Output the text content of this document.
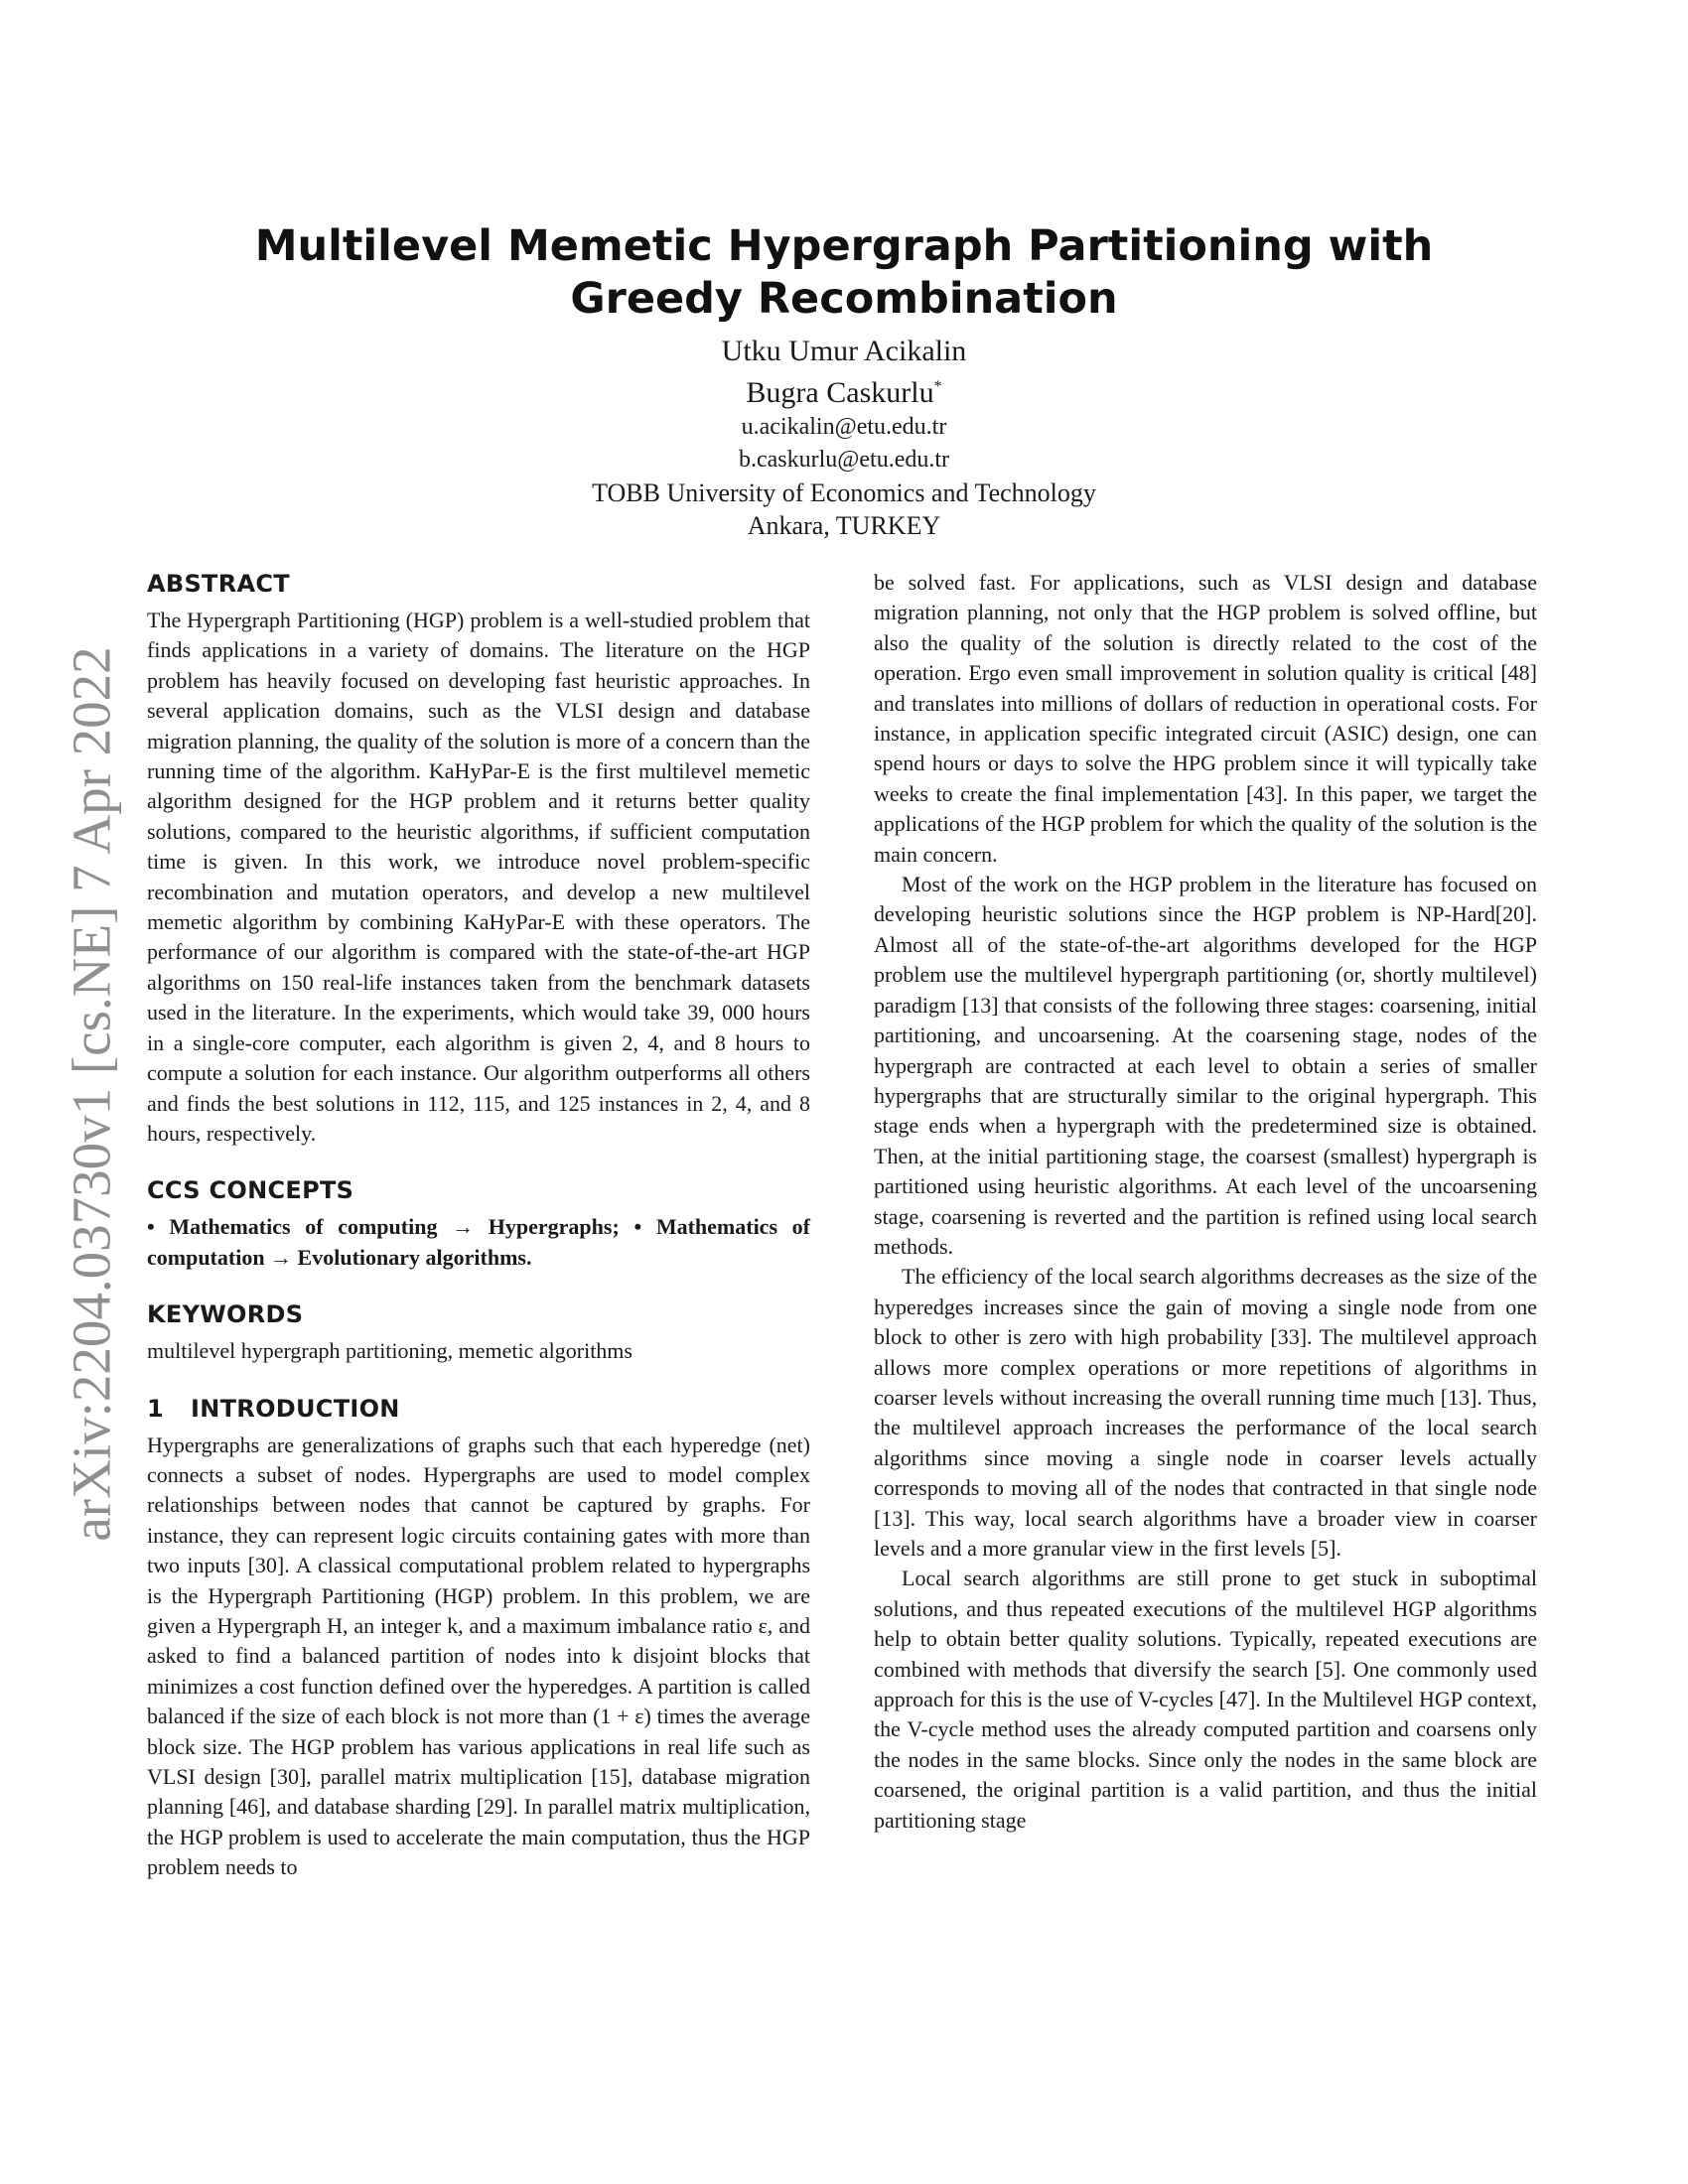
arXiv:2204.03730v1 [cs.NE] 7 Apr 2022
Multilevel Memetic Hypergraph Partitioning with Greedy Recombination
Utku Umur Acikalin
Bugra Caskurlu*
u.acikalin@etu.edu.tr
b.caskurlu@etu.edu.tr
TOBB University of Economics and Technology
Ankara, TURKEY
ABSTRACT

The Hypergraph Partitioning (HGP) problem is a well-studied problem that finds applications in a variety of domains. The literature on the HGP problem has heavily focused on developing fast heuristic approaches. In several application domains, such as the VLSI design and database migration planning, the quality of the solution is more of a concern than the running time of the algorithm. KaHyPar-E is the first multilevel memetic algorithm designed for the HGP problem and it returns better quality solutions, compared to the heuristic algorithms, if sufficient computation time is given. In this work, we introduce novel problem-specific recombination and mutation operators, and develop a new multilevel memetic algorithm by combining KaHyPar-E with these operators. The performance of our algorithm is compared with the state-of-the-art HGP algorithms on 150 real-life instances taken from the benchmark datasets used in the literature. In the experiments, which would take 39, 000 hours in a single-core computer, each algorithm is given 2, 4, and 8 hours to compute a solution for each instance. Our algorithm outperforms all others and finds the best solutions in 112, 115, and 125 instances in 2, 4, and 8 hours, respectively.

CCS CONCEPTS

• Mathematics of computing → Hypergraphs; • Mathematics of computation → Evolutionary algorithms.

KEYWORDS

multilevel hypergraph partitioning, memetic algorithms

1 INTRODUCTION

Hypergraphs are generalizations of graphs such that each hyperedge (net) connects a subset of nodes. Hypergraphs are used to model complex relationships between nodes that cannot be captured by graphs. For instance, they can represent logic circuits containing gates with more than two inputs [30]. A classical computational problem related to hypergraphs is the Hypergraph Partitioning (HGP) problem. In this problem, we are given a Hypergraph H, an integer k, and a maximum imbalance ratio ε, and asked to find a balanced partition of nodes into k disjoint blocks that minimizes a cost function defined over the hyperedges. A partition is called balanced if the size of each block is not more than (1 + ε) times the average block size. The HGP problem has various applications in real life such as VLSI design [30], parallel matrix multiplication [15], database migration planning [46], and database sharding [29]. In parallel matrix multiplication, the HGP problem is used to accelerate the main computation, thus the HGP problem needs to

be solved fast. For applications, such as VLSI design and database migration planning, not only that the HGP problem is solved offline, but also the quality of the solution is directly related to the cost of the operation. Ergo even small improvement in solution quality is critical [48] and translates into millions of dollars of reduction in operational costs. For instance, in application specific integrated circuit (ASIC) design, one can spend hours or days to solve the HPG problem since it will typically take weeks to create the final implementation [43]. In this paper, we target the applications of the HGP problem for which the quality of the solution is the main concern.

Most of the work on the HGP problem in the literature has focused on developing heuristic solutions since the HGP problem is NP-Hard[20]. Almost all of the state-of-the-art algorithms developed for the HGP problem use the multilevel hypergraph partitioning (or, shortly multilevel) paradigm [13] that consists of the following three stages: coarsening, initial partitioning, and uncoarsening. At the coarsening stage, nodes of the hypergraph are contracted at each level to obtain a series of smaller hypergraphs that are structurally similar to the original hypergraph. This stage ends when a hypergraph with the predetermined size is obtained. Then, at the initial partitioning stage, the coarsest (smallest) hypergraph is partitioned using heuristic algorithms. At each level of the uncoarsening stage, coarsening is reverted and the partition is refined using local search methods.

The efficiency of the local search algorithms decreases as the size of the hyperedges increases since the gain of moving a single node from one block to other is zero with high probability [33]. The multilevel approach allows more complex operations or more repetitions of algorithms in coarser levels without increasing the overall running time much [13]. Thus, the multilevel approach increases the performance of the local search algorithms since moving a single node in coarser levels actually corresponds to moving all of the nodes that contracted in that single node [13]. This way, local search algorithms have a broader view in coarser levels and a more granular view in the first levels [5].

Local search algorithms are still prone to get stuck in suboptimal solutions, and thus repeated executions of the multilevel HGP algorithms help to obtain better quality solutions. Typically, repeated executions are combined with methods that diversify the search [5]. One commonly used approach for this is the use of V-cycles [47]. In the Multilevel HGP context, the V-cycle method uses the already computed partition and coarsens only the nodes in the same blocks. Since only the nodes in the same block are coarsened, the original partition is a valid partition, and thus the initial partitioning stage
